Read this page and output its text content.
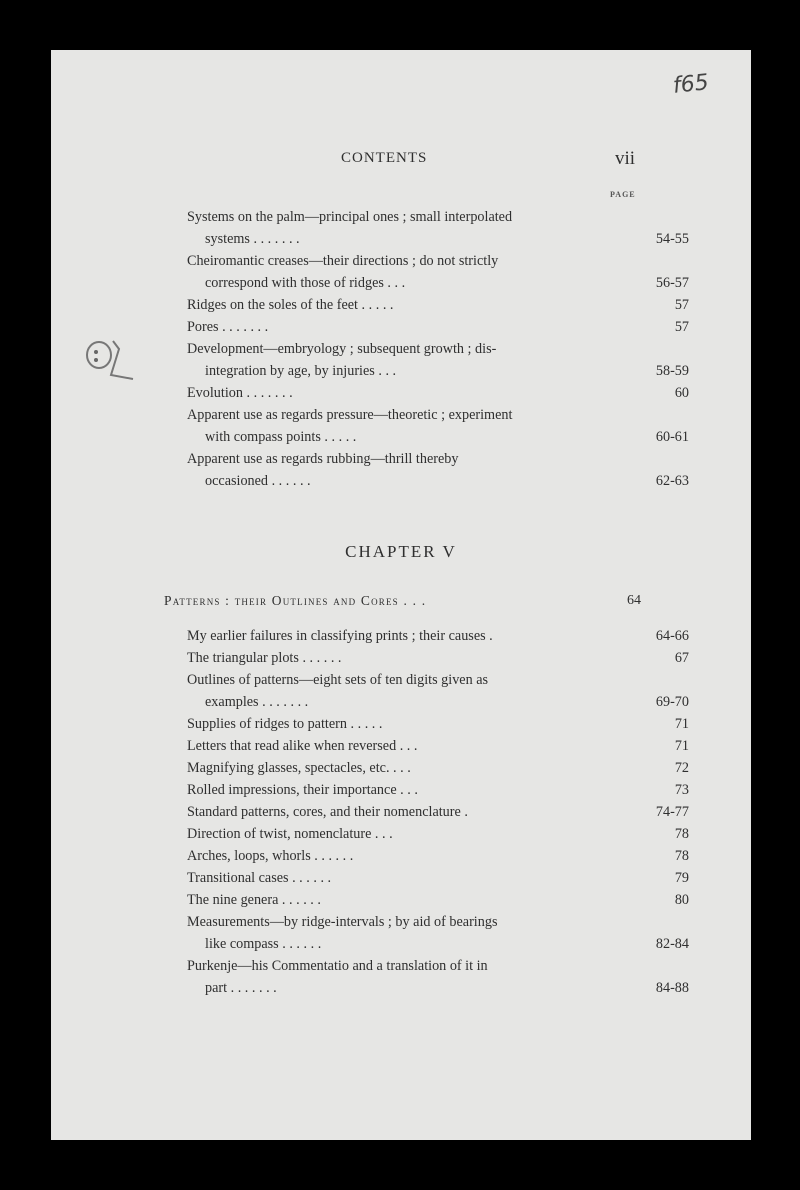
f65
CONTENTS	vii
PAGE
Systems on the palm—principal ones ; small interpolated
systems . . . . . . .	54-55
Cheiromantic creases—their directions ; do not strictly
correspond with those of ridges . . .	56-57
Ridges on the soles of the feet . . . . .	57
Pores . . . . . . .	57
Development—embryology ; subsequent growth ; dis-
integration by age, by injuries . . .	58-59
Evolution . . . . . . .	60
Apparent use as regards pressure—theoretic ; experiment
with compass points . . . . .	60-61
Apparent use as regards rubbing—thrill thereby
occasioned . . . . . .	62-63
CHAPTER V
Patterns : their Outlines and Cores . . .	64
My earlier failures in classifying prints ; their causes .	64-66
The triangular plots . . . . . .	67
Outlines of patterns—eight sets of ten digits given as
examples . . . . . . .	69-70
Supplies of ridges to pattern . . . . .	71
Letters that read alike when reversed . . .	71
Magnifying glasses, spectacles, etc. . . .	72
Rolled impressions, their importance . . .	73
Standard patterns, cores, and their nomenclature .	74-77
Direction of twist, nomenclature . . .	78
Arches, loops, whorls . . . . . .	78
Transitional cases . . . . . .	79
The nine genera . . . . . .	80
Measurements—by ridge-intervals ; by aid of bearings
like compass . . . . . .	82-84
Purkenje—his Commentatio and a translation of it in
part . . . . . . .	84-88
